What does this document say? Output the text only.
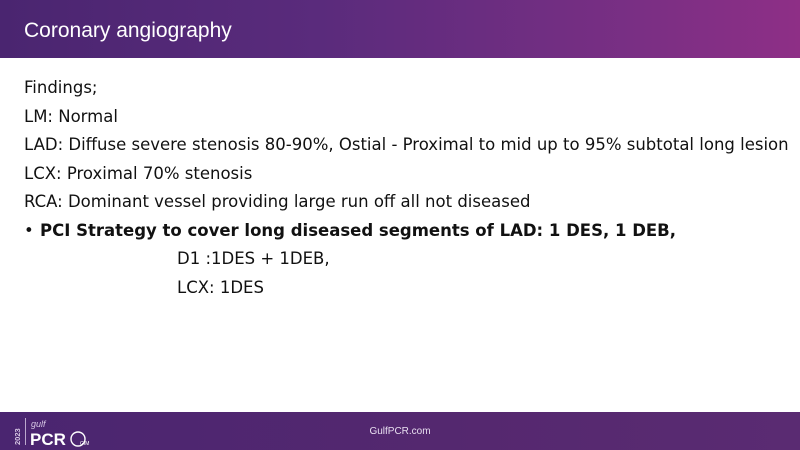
Coronary angiography
Findings;
LM: Normal
LAD: Diffuse severe stenosis 80-90%, Ostial - Proximal to mid up to 95% subtotal long lesion
LCX: Proximal 70% stenosis
RCA: Dominant vessel providing large run off all not diseased
• PCI Strategy to cover long diseased segments of LAD: 1 DES, 1 DEB,
D1 :1DES + 1DEB,
LCX: 1DES
2023
gulf
PCR	GIM
GulfPCR.com
